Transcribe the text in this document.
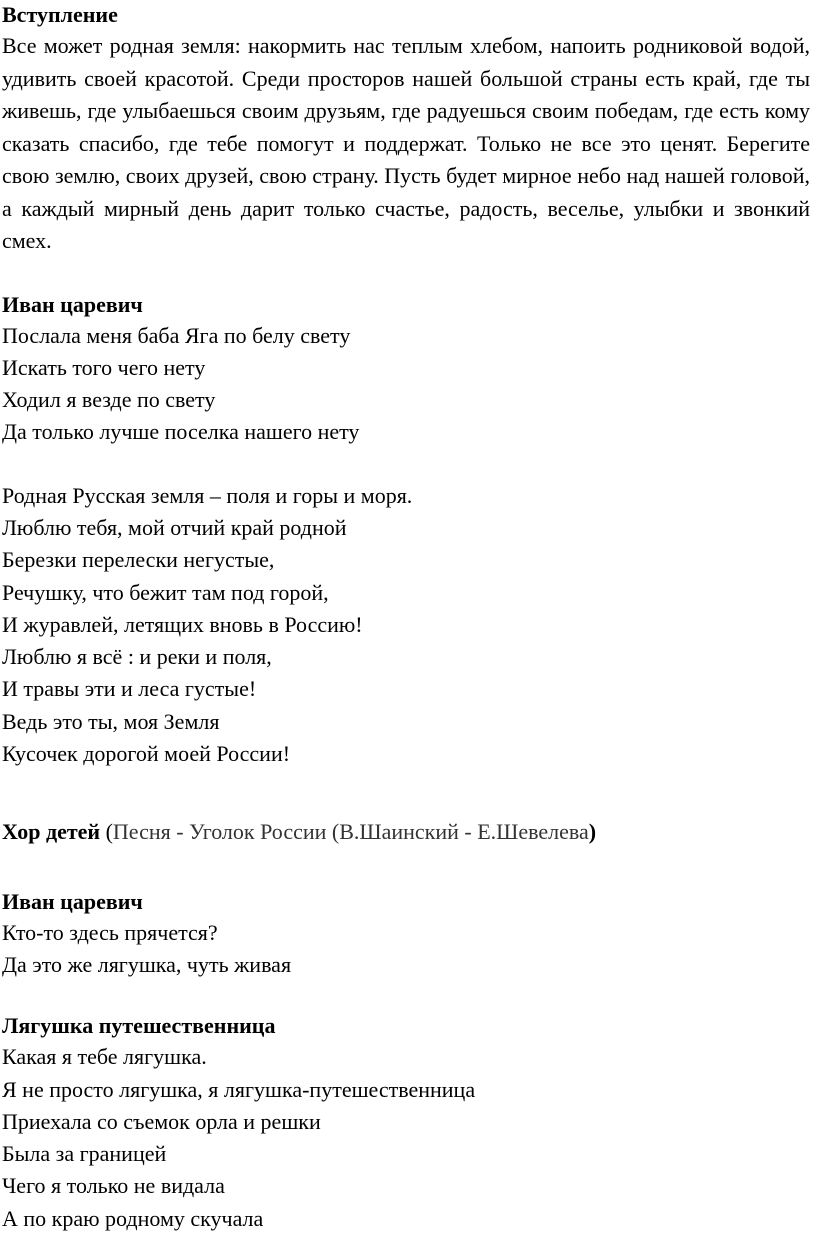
Вступление

Все может родная земля: накормить нас теплым хлебом, напоить родниковой водой, удивить своей красотой. Среди просторов нашей большой страны есть край, где ты живешь, где улыбаешься своим друзьям, где радуешься своим победам, где есть кому сказать спасибо, где тебе помогут и поддержат. Только не все это ценят. Берегите свою землю, своих друзей, свою страну. Пусть будет мирное небо над нашей головой, а каждый мирный день дарит только счастье, радость, веселье, улыбки и звонкий смех.

Иван царевич
Послала меня баба Яга по белу свету
Искать того чего нету
Ходил я везде по свету
Да только лучше поселка нашего нету
Родная Русская земля – поля и горы и моря.
Люблю тебя, мой отчий край родной
Березки перелески негустые,
Речушку, что бежит там под горой,
И журавлей, летящих вновь в Россию!
Люблю я всё : и реки и поля,
И травы эти и леса густые!
Ведь это ты, моя Земля
Кусочек дорогой моей России!
Хор детей (Песня - Уголок России (В.Шаинский - Е.Шевелева)
Иван царевич
Кто-то здесь прячется?
Да это же лягушка, чуть живая
Лягушка путешественница
Какая я тебе лягушка.
Я не просто лягушка, я лягушка-путешественница
Приехала со съемок орла и решки
Была за границей
Чего я только не видала
А по краю родному скучала
